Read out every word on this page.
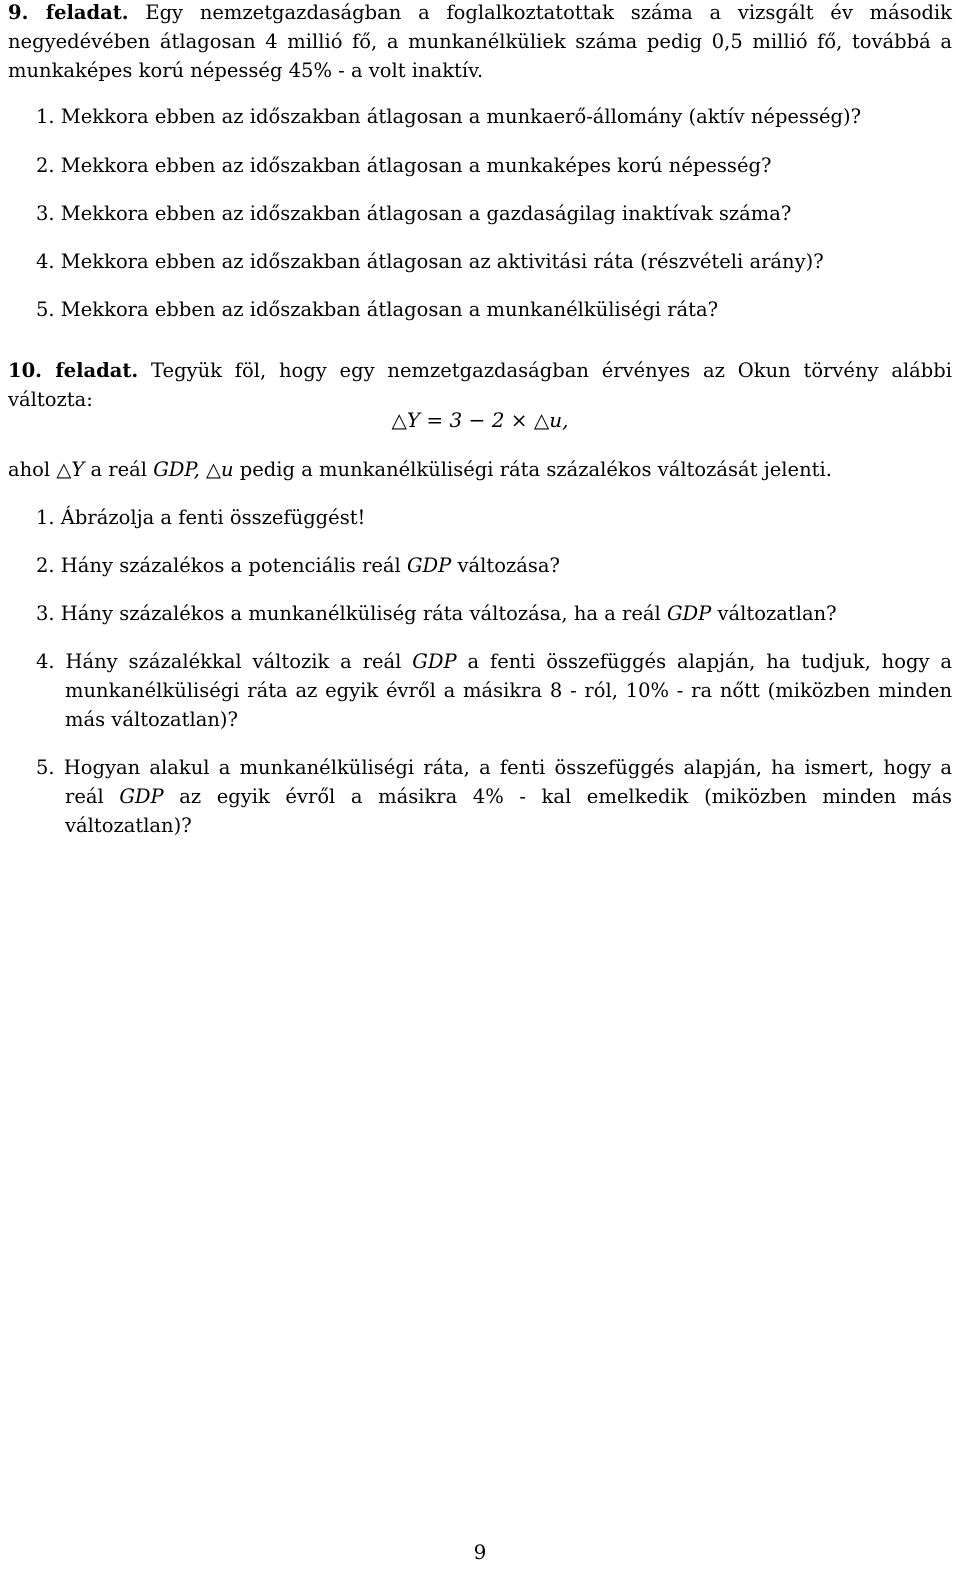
9. feladat. Egy nemzetgazdaságban a foglalkoztatottak száma a vizsgált év második negyedévében átlagosan 4 millió fő, a munkanélküliek száma pedig 0,5 millió fő, továbbá a munkaképes korú népesség 45% - a volt inaktív.

1. Mekkora ebben az időszakban átlagosan a munkaerő-állomány (aktív népesség)?

2. Mekkora ebben az időszakban átlagosan a munkaképes korú népesség?

3. Mekkora ebben az időszakban átlagosan a gazdaságilag inaktívak száma?

4. Mekkora ebben az időszakban átlagosan az aktivitási ráta (részvételi arány)?

5. Mekkora ebben az időszakban átlagosan a munkanélküliségi ráta?

10. feladat. Tegyük föl, hogy egy nemzetgazdaságban érvényes az Okun törvény alábbi változta:

△Y = 3 − 2 × △u,

ahol △Y a reál GDP, △u pedig a munkanélküliségi ráta százalékos változását jelenti.

1. Ábrázolja a fenti összefüggést!

2. Hány százalékos a potenciális reál GDP változása?

3. Hány százalékos a munkanélküliség ráta változása, ha a reál GDP változatlan?

4. Hány százalékkal változik a reál GDP a fenti összefüggés alapján, ha tudjuk, hogy a munkanélküliségi ráta az egyik évről a másikra 8 - ról, 10% - ra nőtt (miközben minden más változatlan)?
5. Hogyan alakul a munkanélküliségi ráta, a fenti összefüggés alapján, ha ismert, hogy a reál GDP az egyik évről a másikra 4% - kal emelkedik (miközben minden más változatlan)?
9
